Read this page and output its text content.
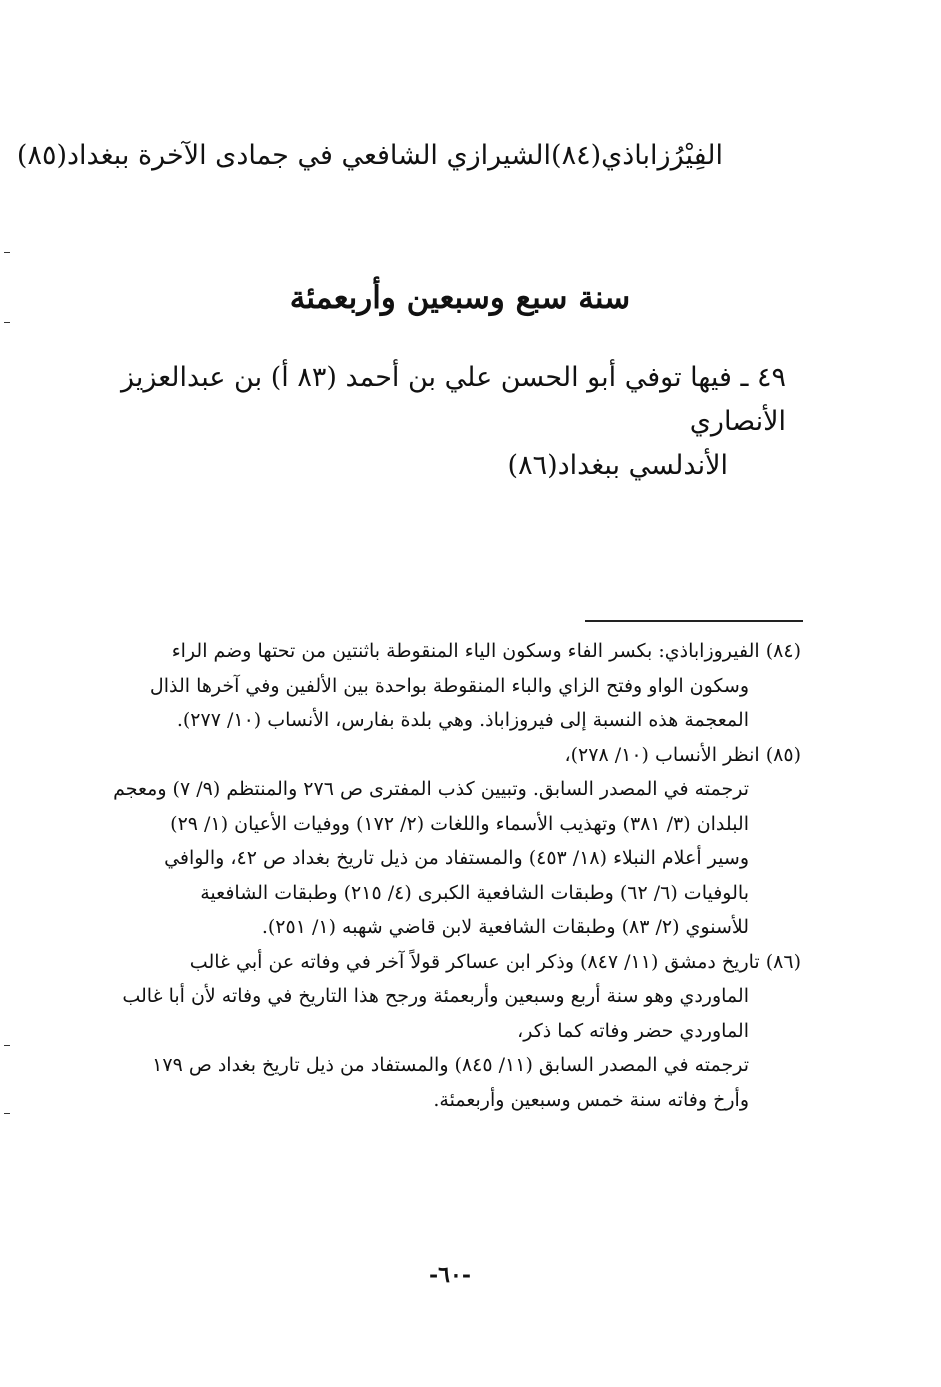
الفِيْرُزاباذي(٨٤)الشيرازي الشافعي في جمادى الآخرة ببغداد(٨٥)
سنة سبع وسبعين وأربعمئة
٤٩ ـ فيها توفي أبو الحسن علي بن أحمد (٨٣ أ) بن عبدالعزيز الأنصاري
الأندلسي ببغداد(٨٦)
(٨٤) الفيروزاباذي: بكسر الفاء وسكون الياء المنقوطة باثنتين من تحتها وضم الراء
وسكون الواو وفتح الزاي والباء المنقوطة بواحدة بين الألفين وفي آخرها الذال
المعجمة هذه النسبة إلى فيروزاباذ. وهي بلدة بفارس، الأنساب (١٠/ ٢٧٧).
(٨٥) انظر الأنساب (١٠/ ٢٧٨)،
ترجمته في المصدر السابق. وتبيين كذب المفترى ص ٢٧٦ والمنتظم (٩/ ٧) ومعجم
البلدان (٣/ ٣٨١) وتهذيب الأسماء واللغات (٢/ ١٧٢) ووفيات الأعيان (١/ ٢٩)
وسير أعلام النبلاء (١٨/ ٤٥٣) والمستفاد من ذيل تاريخ بغداد ص ٤٢، والوافي
بالوفيات (٦/ ٦٢) وطبقات الشافعية الكبرى (٤/ ٢١٥) وطبقات الشافعية
للأسنوي (٢/ ٨٣) وطبقات الشافعية لابن قاضي شهبه (١/ ٢٥١).
(٨٦) تاريخ دمشق (١١/ ٨٤٧) وذكر ابن عساكر قولاً آخر في وفاته عن أبي غالب
الماوردي وهو سنة أربع وسبعين وأربعمئة ورجح هذا التاريخ في وفاته لأن أبا غالب
الماوردي حضر وفاته كما ذكر،
ترجمته في المصدر السابق (١١/ ٨٤٥) والمستفاد من ذيل تاريخ بغداد ص ١٧٩
وأرخ وفاته سنة خمس وسبعين وأربعمئة.
-٦٠-
